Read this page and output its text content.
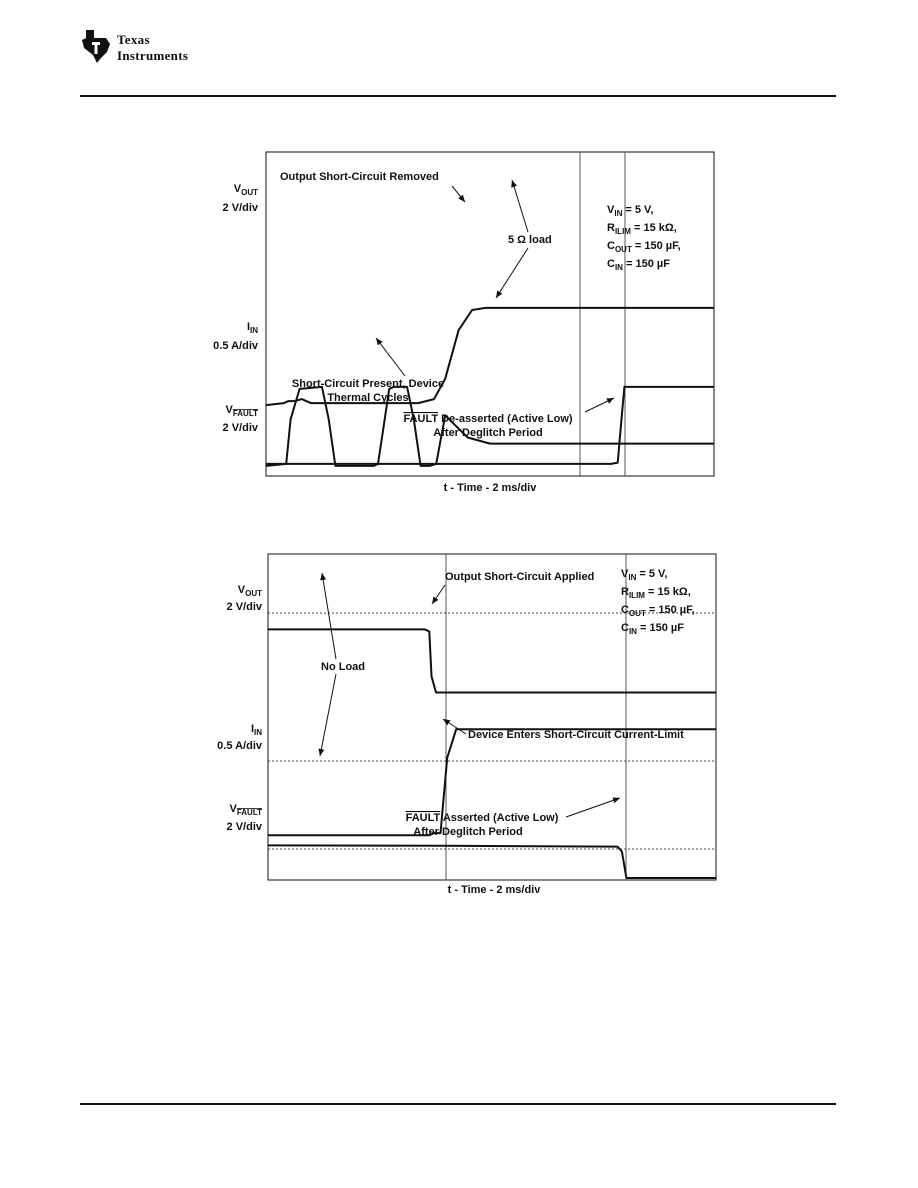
Texas
Instruments
$V_{OUT}$
2 V/div
$I_{IN}$
0.5 A/div
$V_{FAULT}$
2 V/div
$V_{IN} = 5$ V,
$R_{ILIM} = 15$ kΩ,
$C_{OUT} = 150$ µF,
$C_{IN} = 150$ µF
Output Short-Circuit Removed
5 Ω load
Short-Circuit Present, Device
Thermal Cycles
FAULT De-asserted (Active Low)
After Deglitch Period
t - Time - 2 ms/div
$V_{OUT}$
2 V/div
$I_{IN}$
0.5 A/div
$V_{FAULT}$
2 V/div
$V_{IN} = 5$ V,
$R_{ILIM} = 15$ kΩ,
$C_{OUT} = 150$ µF,
$C_{IN} = 150$ µF
Output Short-Circuit Applied
No Load
Device Enters Short-Circuit Current-Limit
FAULT Asserted (Active Low)
After Deglitch Period
t - Time - 2 ms/div
